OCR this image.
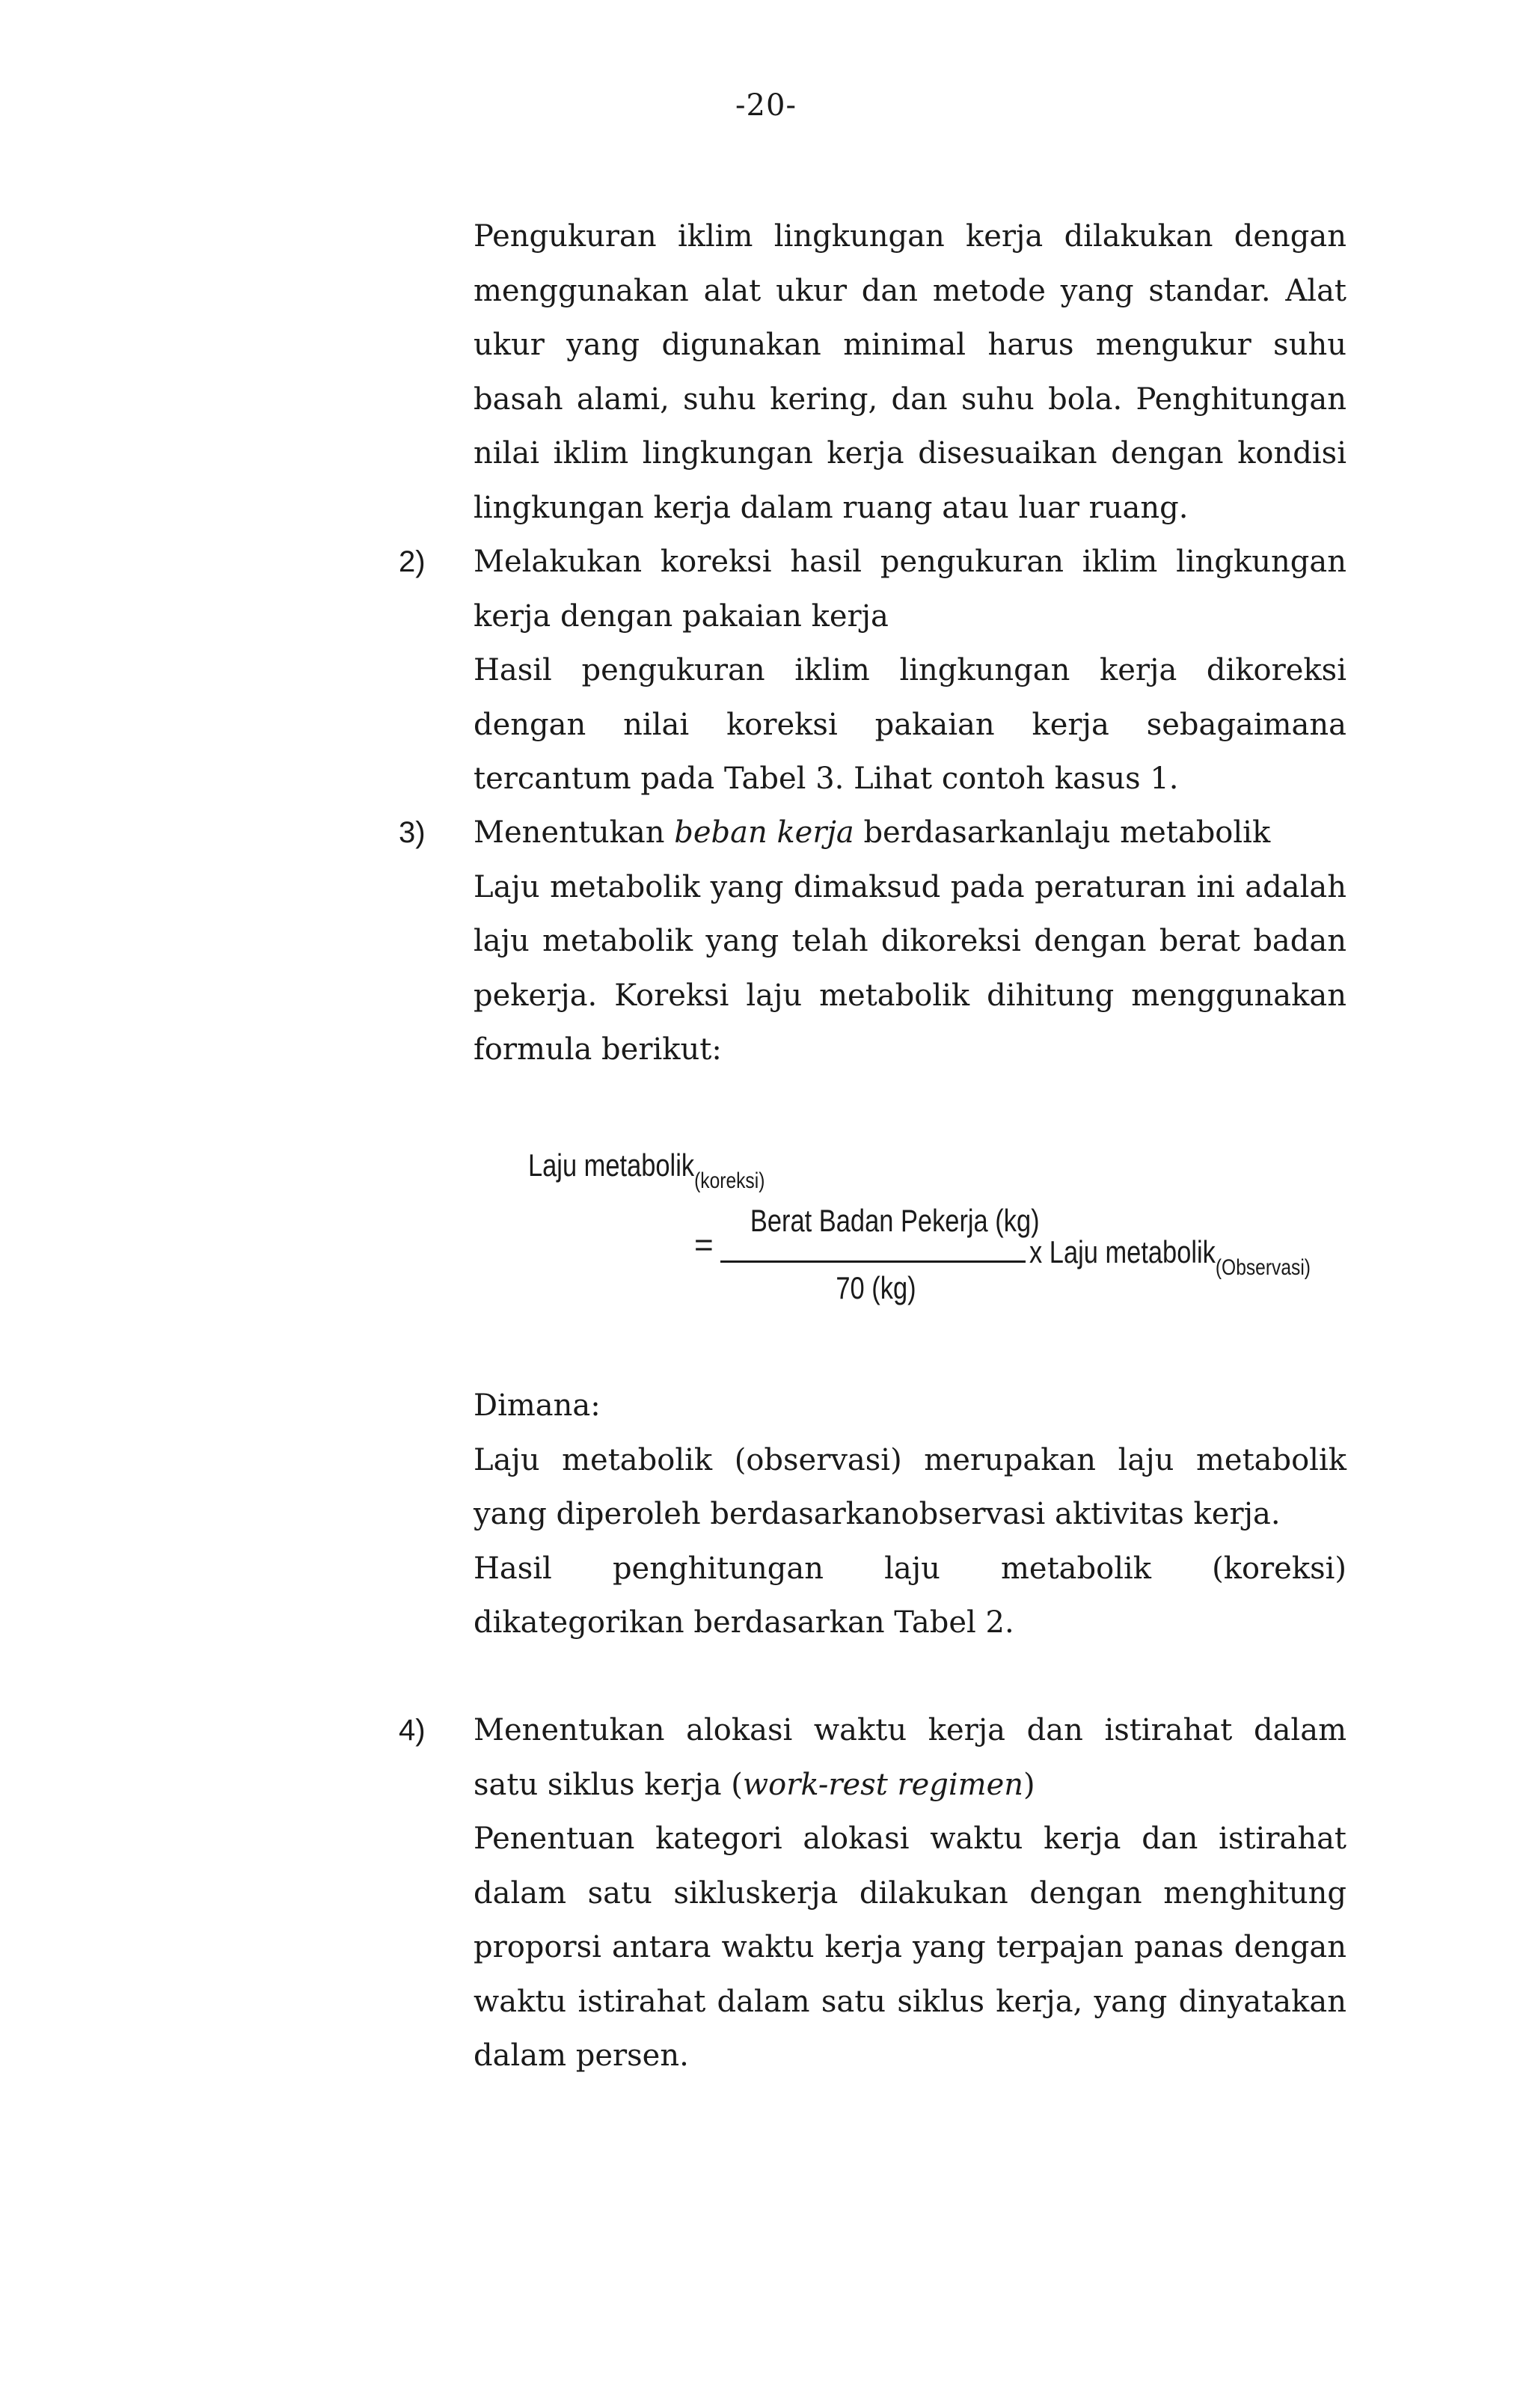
-20-
Pengukuran iklim lingkungan kerja dilakukan dengan
menggunakan alat ukur dan metode yang standar. Alat
ukur yang digunakan minimal harus mengukur suhu
basah alami, suhu kering, dan suhu bola. Penghitungan
nilai iklim lingkungan kerja disesuaikan dengan kondisi
lingkungan kerja dalam ruang atau luar ruang.
2) Melakukan koreksi hasil pengukuran iklim lingkungan
kerja dengan pakaian kerja
Hasil pengukuran iklim lingkungan kerja dikoreksi
dengan nilai koreksi pakaian kerja sebagaimana
tercantum pada Tabel 3. Lihat contoh kasus 1.
3) Menentukan beban kerja berdasarkanlaju metabolik
Laju metabolik yang dimaksud pada peraturan ini adalah
laju metabolik yang telah dikoreksi dengan berat badan
pekerja. Koreksi laju metabolik dihitung menggunakan
formula berikut:
Laju metabolik$_{(koreksi)}$
=
Berat Badan Pekerja (kg)
70 (kg)
x Laju metabolik$_{(Observasi)}$
Dimana:
Laju metabolik (observasi) merupakan laju metabolik
yang diperoleh berdasarkanobservasi aktivitas kerja.
Hasil penghitungan laju metabolik (koreksi)
dikategorikan berdasarkan Tabel 2.
4) Menentukan alokasi waktu kerja dan istirahat dalam
satu siklus kerja (work-rest regimen)
Penentuan kategori alokasi waktu kerja dan istirahat
dalam satu sikluskerja dilakukan dengan menghitung
proporsi antara waktu kerja yang terpajan panas dengan
waktu istirahat dalam satu siklus kerja, yang dinyatakan
dalam persen.
